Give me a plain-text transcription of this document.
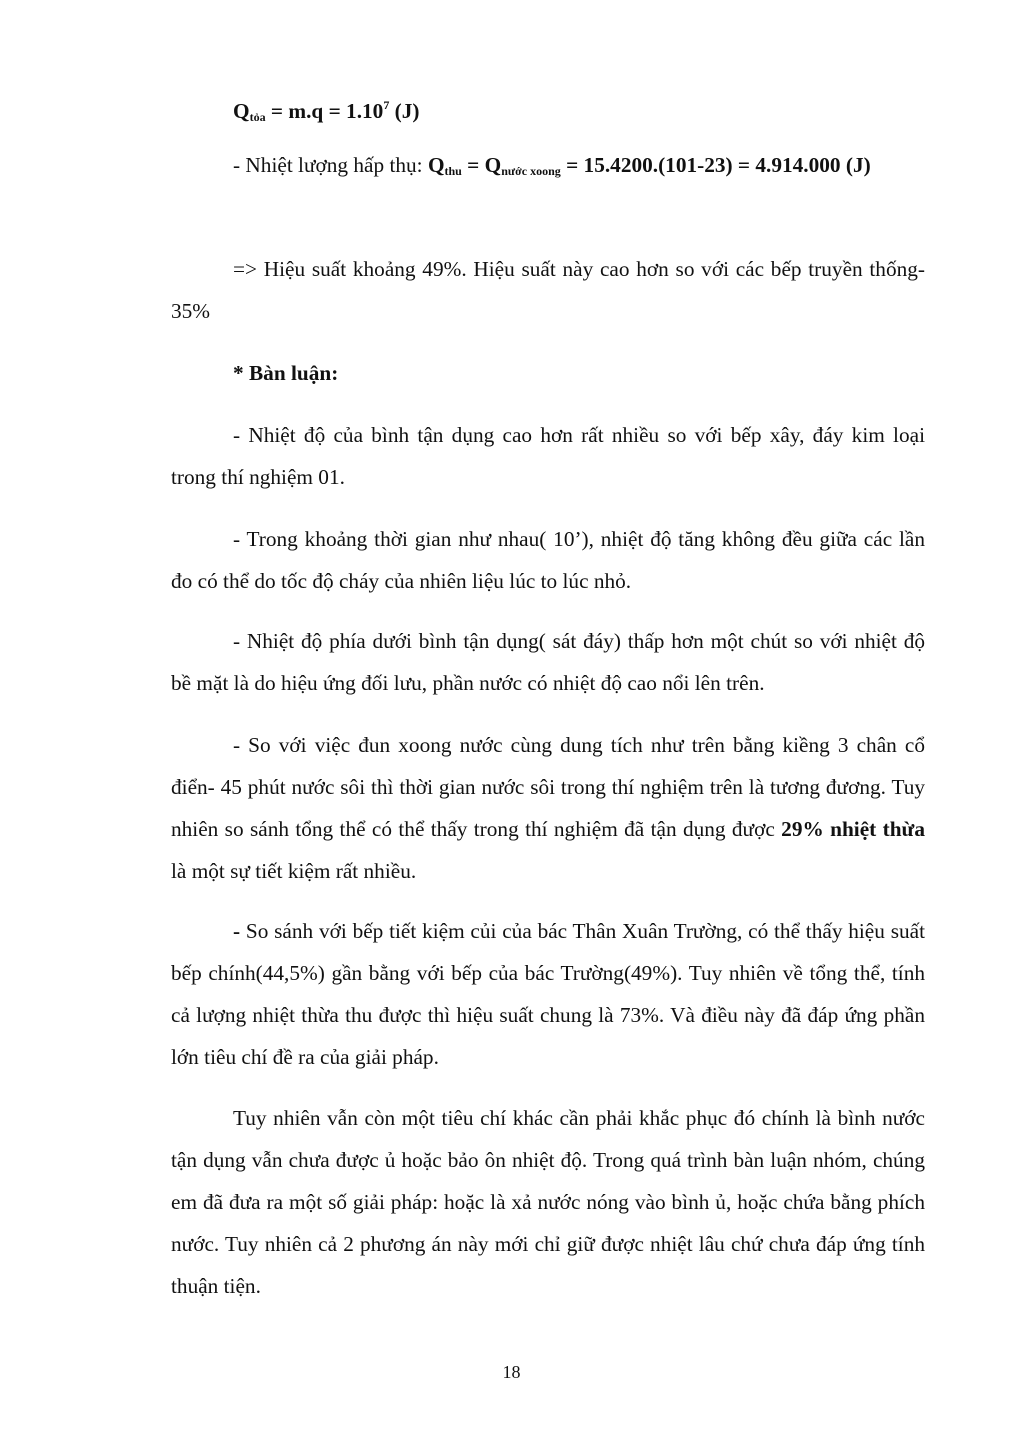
$Q_{tỏa} = m.q = 1.10^7$ (J)

- Nhiệt lượng hấp thụ: $Q_{thu} = Q_{nước xoong} = 15.4200.(101-23) = 4.914.000$ (J)

=> Hiệu suất khoảng 49%. Hiệu suất này cao hơn so với các bếp truyền thống-35%

* Bàn luận:

- Nhiệt độ của bình tận dụng cao hơn rất nhiều so với bếp xây, đáy kim loại trong thí nghiệm 01.

- Trong khoảng thời gian như nhau( 10’), nhiệt độ tăng không đều giữa các lần đo có thể do tốc độ cháy của nhiên liệu lúc to lúc nhỏ.

- Nhiệt độ phía dưới bình tận dụng( sát đáy) thấp hơn một chút so với nhiệt độ bề mặt là do hiệu ứng đối lưu, phần nước có nhiệt độ cao nổi lên trên.

- So với việc đun xoong nước cùng dung tích như trên bằng kiềng 3 chân cổ điển- 45 phút nước sôi thì thời gian nước sôi trong thí nghiệm trên là tương đương. Tuy nhiên so sánh tổng thể có thể thấy trong thí nghiệm đã tận dụng được 29% nhiệt thừa là một sự tiết kiệm rất nhiều.

- So sánh với bếp tiết kiệm củi của bác Thân Xuân Trường, có thể thấy hiệu suất bếp chính(44,5%) gần bằng với bếp của bác Trường(49%). Tuy nhiên về tổng thể, tính cả lượng nhiệt thừa thu được thì hiệu suất chung là 73%. Và điều này đã đáp ứng phần lớn tiêu chí đề ra của giải pháp.

Tuy nhiên vẫn còn một tiêu chí khác cần phải khắc phục đó chính là bình nước tận dụng vẫn chưa được ủ hoặc bảo ôn nhiệt độ. Trong quá trình bàn luận nhóm, chúng em đã đưa ra một số giải pháp: hoặc là xả nước nóng vào bình ủ, hoặc chứa bằng phích nước. Tuy nhiên cả 2 phương án này mới chỉ giữ được nhiệt lâu chứ chưa đáp ứng tính thuận tiện.

18
